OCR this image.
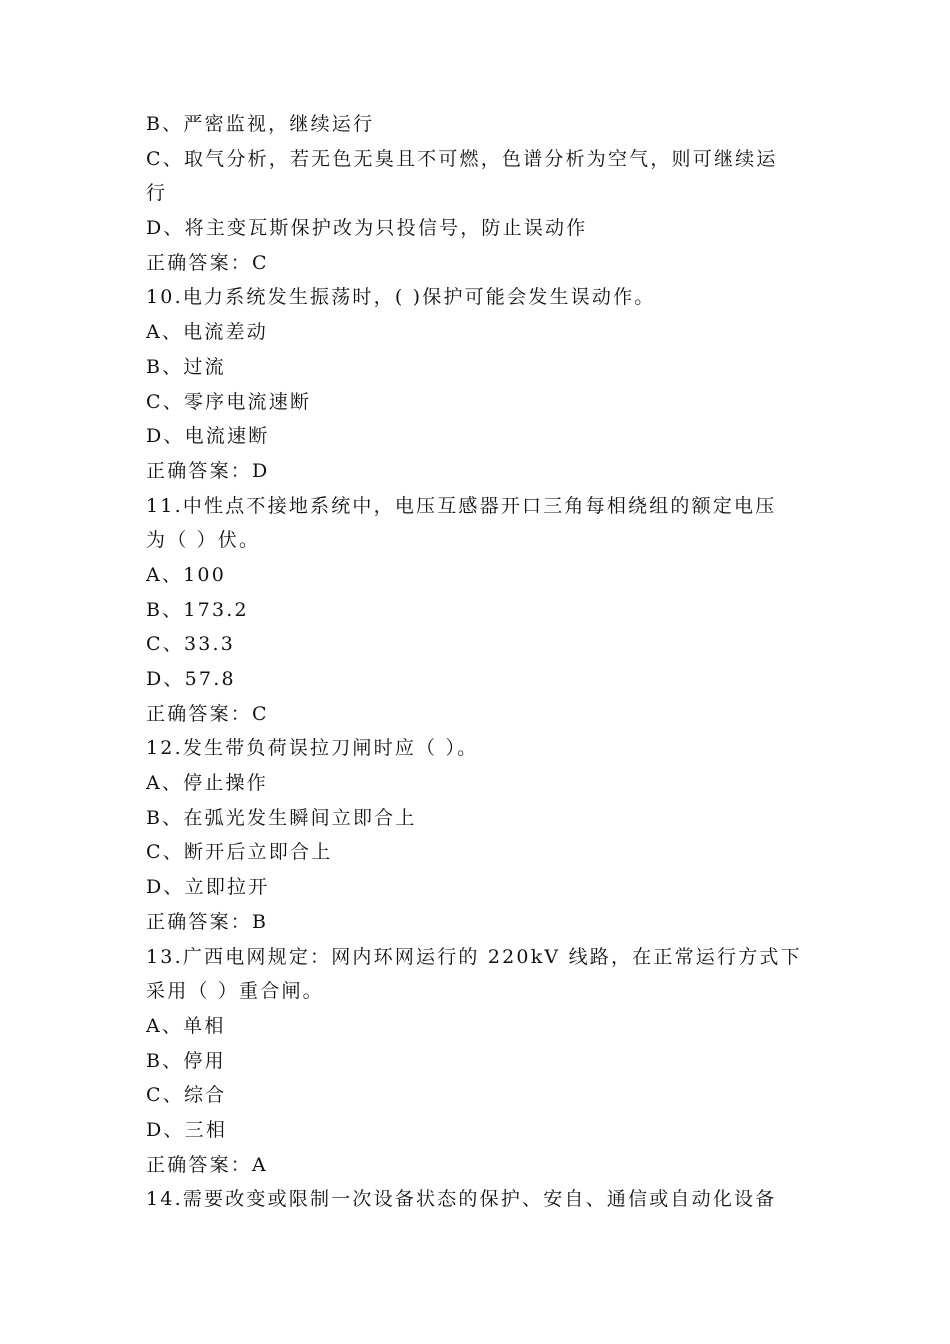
B、严密监视，继续运行
C、取气分析，若无色无臭且不可燃，色谱分析为空气，则可继续运
行
D、将主变瓦斯保护改为只投信号，防止误动作
正确答案：C
10.电力系统发生振荡时，( )保护可能会发生误动作。
A、电流差动
B、过流
C、零序电流速断
D、电流速断
正确答案：D
11.中性点不接地系统中，电压互感器开口三角每相绕组的额定电压
为（ ）伏。
A、100
B、173.2
C、33.3
D、57.8
正确答案：C
12.发生带负荷误拉刀闸时应（ ）。
A、停止操作
B、在弧光发生瞬间立即合上
C、断开后立即合上
D、立即拉开
正确答案：B
13.广西电网规定：网内环网运行的 220kV 线路，在正常运行方式下
采用（ ）重合闸。
A、单相
B、停用
C、综合
D、三相
正确答案：A
14.需要改变或限制一次设备状态的保护、安自、通信或自动化设备
